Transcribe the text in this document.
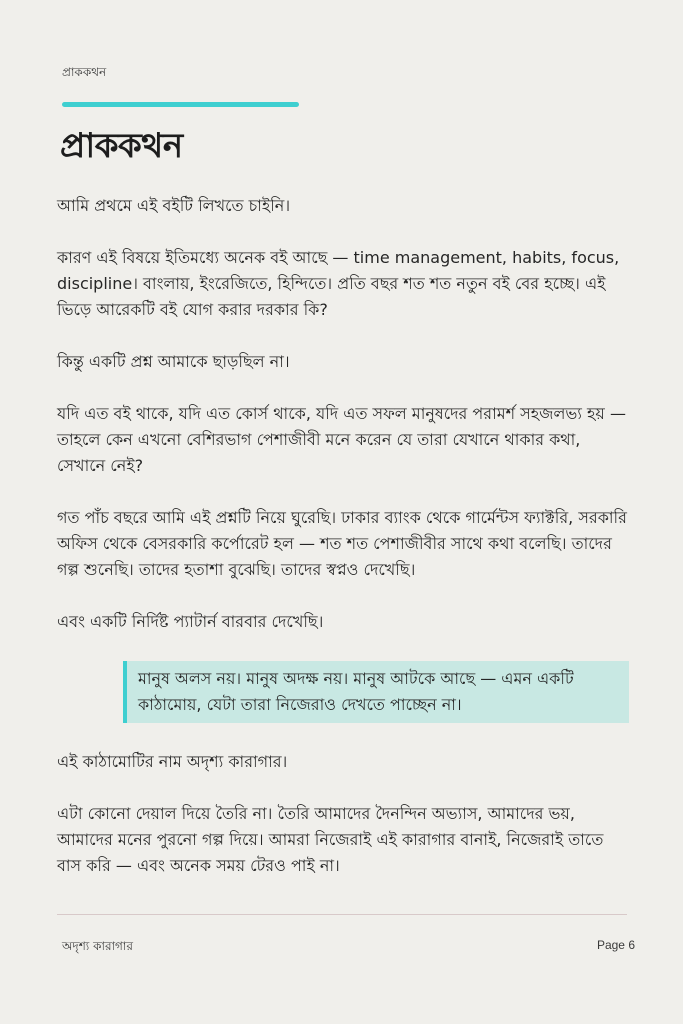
প্রাককথন
প্রাককথন

আমি প্রথমে এই বইটি লিখতে চাইনি।

কারণ এই বিষয়ে ইতিমধ্যে অনেক বই আছে — time management, habits, focus, discipline। বাংলায়, ইংরেজিতে, হিন্দিতে। প্রতি বছর শত শত নতুন বই বের হচ্ছে। এই ভিড়ে আরেকটি বই যোগ করার দরকার কি?

কিন্তু একটি প্রশ্ন আমাকে ছাড়ছিল না।

যদি এত বই থাকে, যদি এত কোর্স থাকে, যদি এত সফল মানুষদের পরামর্শ সহজলভ্য হয় — তাহলে কেন এখনো বেশিরভাগ পেশাজীবী মনে করেন যে তারা যেখানে থাকার কথা, সেখানে নেই?

গত পাঁচ বছরে আমি এই প্রশ্নটি নিয়ে ঘুরেছি। ঢাকার ব্যাংক থেকে গার্মেন্টস ফ্যাক্টরি, সরকারি অফিস থেকে বেসরকারি কর্পোরেট হল — শত শত পেশাজীবীর সাথে কথা বলেছি। তাদের গল্প শুনেছি। তাদের হতাশা বুঝেছি। তাদের স্বপ্নও দেখেছি।

এবং একটি নির্দিষ্ট প্যাটার্ন বারবার দেখেছি।

মানুষ অলস নয়। মানুষ অদক্ষ নয়। মানুষ আটকে আছে — এমন একটি কাঠামোয়, যেটা তারা নিজেরাও দেখতে পাচ্ছেন না।

এই কাঠামোটির নাম অদৃশ্য কারাগার।

এটা কোনো দেয়াল দিয়ে তৈরি না। তৈরি আমাদের দৈনন্দিন অভ্যাস, আমাদের ভয়, আমাদের মনের পুরনো গল্প দিয়ে। আমরা নিজেরাই এই কারাগার বানাই, নিজেরাই তাতে বাস করি — এবং অনেক সময় টেরও পাই না।

অদৃশ্য কারাগার	Page 6
